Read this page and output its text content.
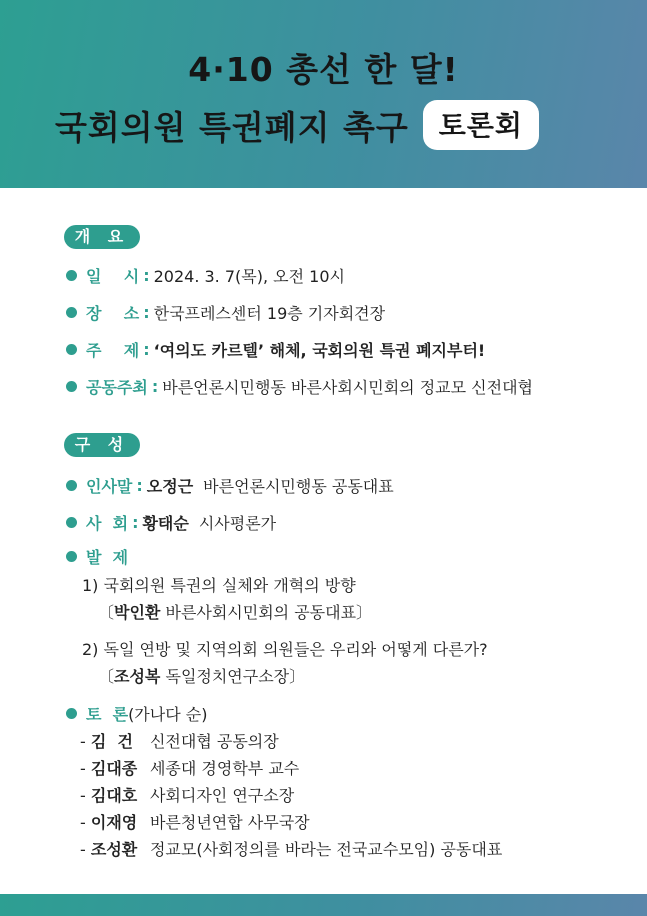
4·10 총선 한 달!
국회의원 특권폐지 촉구	토론회
개 요
일    시 : 2024. 3. 7(목), 오전 10시
장    소 : 한국프레스센터 19층 기자회견장
주    제 : ‘여의도 카르텔’ 해체, 국회의원 특권 폐지부터!
공동주최 : 바른언론시민행동 바른사회시민회의 정교모 신전대협
구 성
인사말 : 오정근 바른언론시민행동 공동대표
사  회 : 황태순 시사평론가
발  제
1) 국회의원 특권의 실체와 개혁의 방향
〔박인환 바른사회시민회의 공동대표〕
2) 독일 연방 및 지역의회 의원들은 우리와 어떻게 다른가?
〔조성복 독일정치연구소장〕
토  론 (가나다 순)
- 김  건 신전대협 공동의장
- 김대종 세종대 경영학부 교수
- 김대호 사회디자인 연구소장
- 이재영 바른청년연합 사무국장
- 조성환 정교모(사회정의를 바라는 전국교수모임) 공동대표
